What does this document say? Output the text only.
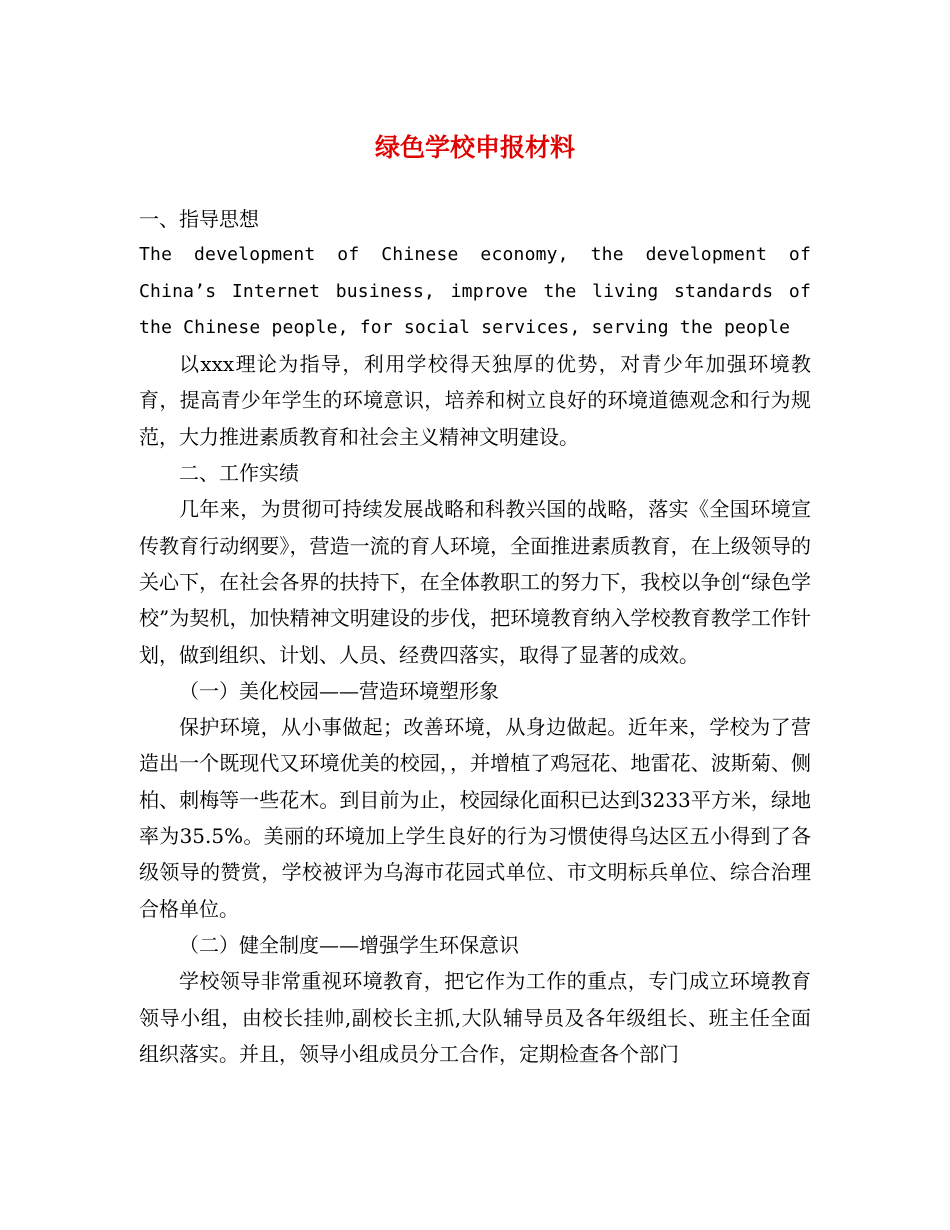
绿色学校申报材料

一、指导思想

The development of Chinese economy, the development of China’s Internet business, improve the living standards of the Chinese people, for social services, serving the people

以xxx理论为指导，利用学校得天独厚的优势，对青少年加强环境教育，提高青少年学生的环境意识，培养和树立良好的环境道德观念和行为规范，大力推进素质教育和社会主义精神文明建设。

二、工作实绩

几年来，为贯彻可持续发展战略和科教兴国的战略，落实《全国环境宣传教育行动纲要》，营造一流的育人环境，全面推进素质教育，在上级领导的关心下，在社会各界的扶持下，在全体教职工的努力下，我校以争创“绿色学校”为契机，加快精神文明建设的步伐，把环境教育纳入学校教育教学工作针划，做到组织、计划、人员、经费四落实，取得了显著的成效。

（一）美化校园——营造环境塑形象

保护环境，从小事做起；改善环境，从身边做起。近年来，学校为了营造出一个既现代又环境优美的校园，，并增植了鸡冠花、地雷花、波斯菊、侧柏、刺梅等一些花木。到目前为止，校园绿化面积已达到3233平方米，绿地率为35.5%。美丽的环境加上学生良好的行为习惯使得乌达区五小得到了各级领导的赞赏，学校被评为乌海市花园式单位、市文明标兵单位、综合治理合格单位。

（二）健全制度——增强学生环保意识

学校领导非常重视环境教育，把它作为工作的重点，专门成立环境教育领导小组，由校长挂帅,副校长主抓,大队辅导员及各年级组长、班主任全面组织落实。并且，领导小组成员分工合作，定期检查各个部门
